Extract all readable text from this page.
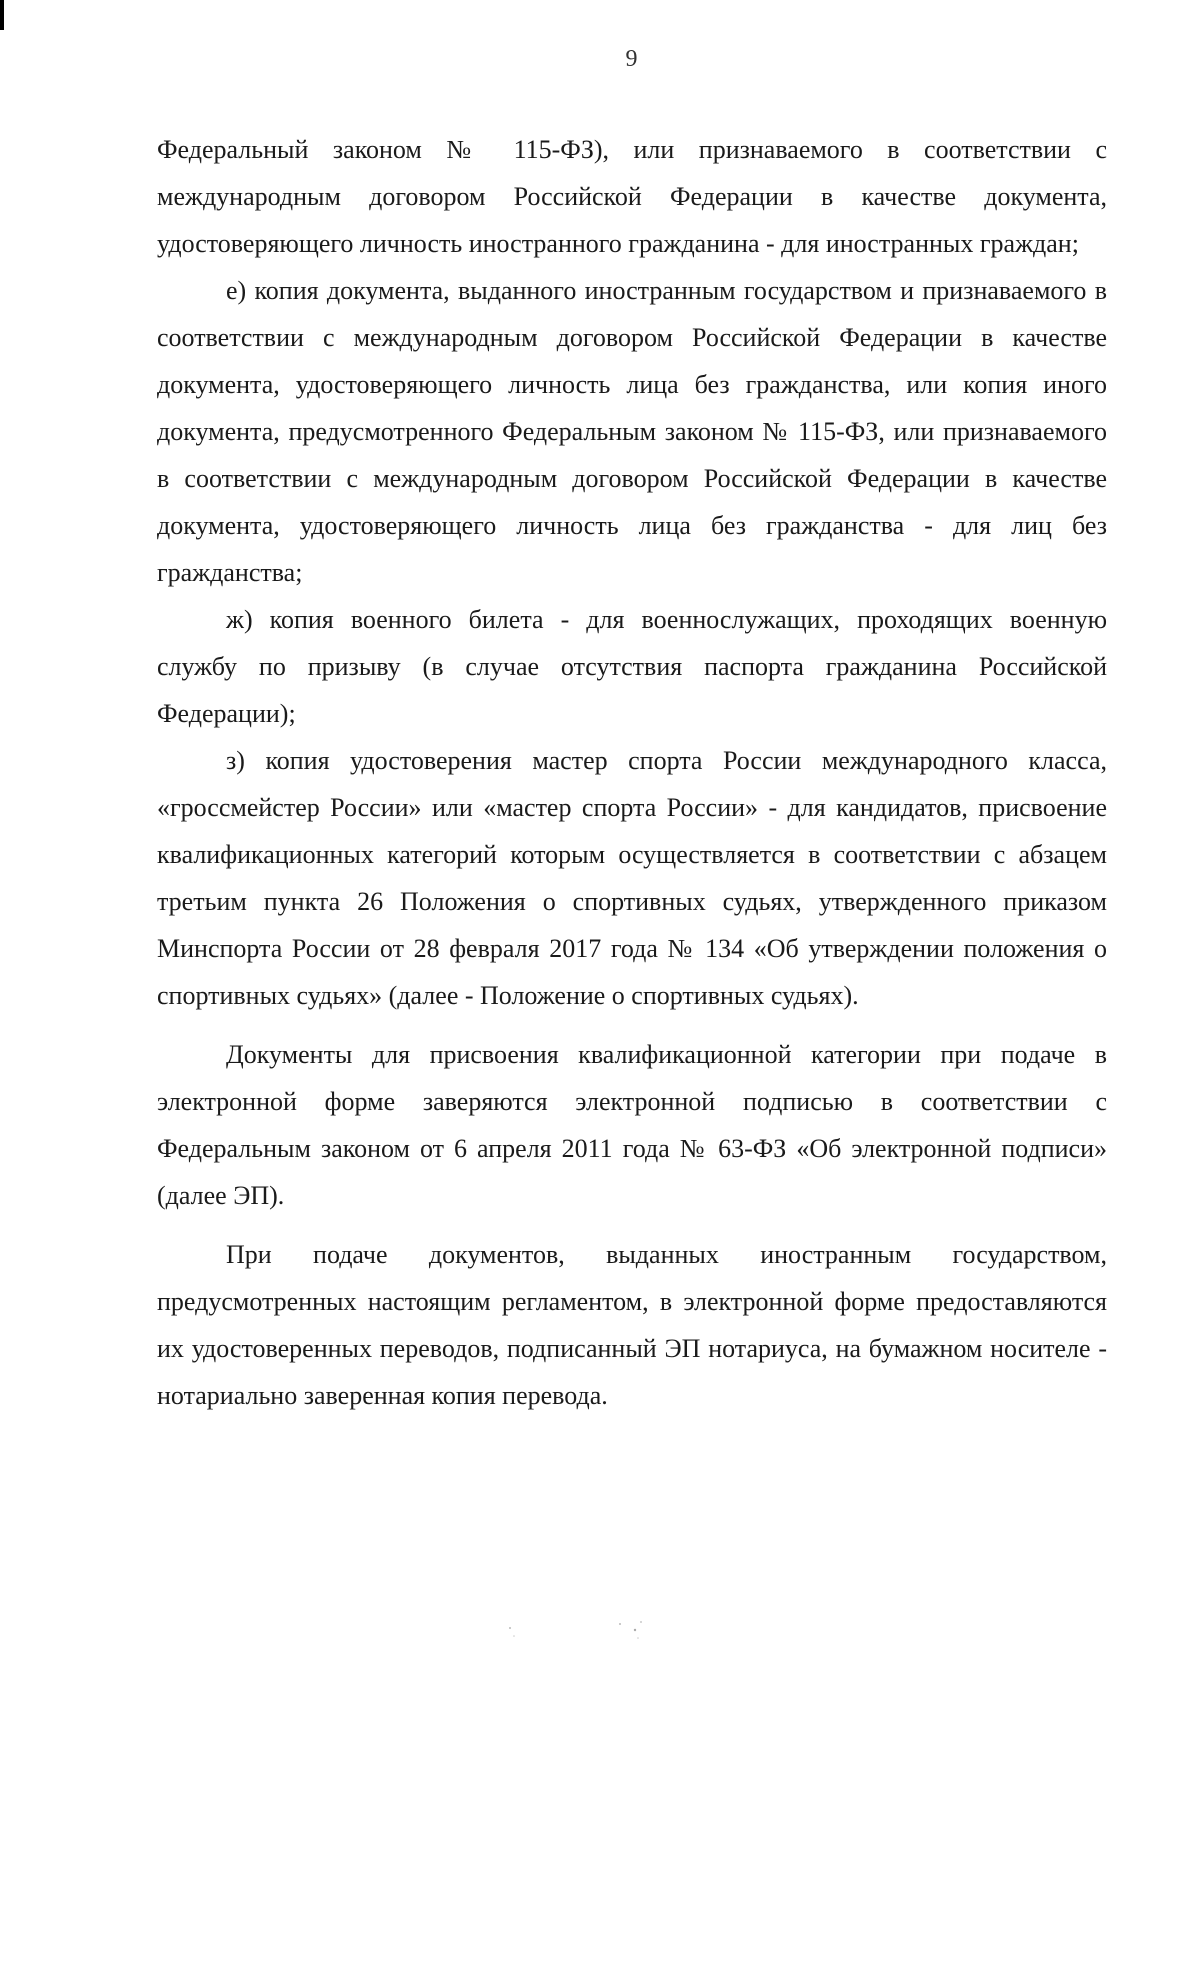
9

Федеральный законом № 115-ФЗ), или признаваемого в соответствии с международным договором Российской Федерации в качестве документа, удостоверяющего личность иностранного гражданина - для иностранных граждан;

е) копия документа, выданного иностранным государством и признаваемого в соответствии с международным договором Российской Федерации в качестве документа, удостоверяющего личность лица без гражданства, или копия иного документа, предусмотренного Федеральным законом № 115-ФЗ, или признаваемого в соответствии с международным договором Российской Федерации в качестве документа, удостоверяющего личность лица без гражданства - для лиц без гражданства;

ж) копия военного билета - для военнослужащих, проходящих военную службу по призыву (в случае отсутствия паспорта гражданина Российской Федерации);

з) копия удостоверения мастер спорта России международного класса, «гроссмейстер России» или «мастер спорта России» - для кандидатов, присвоение квалификационных категорий которым осуществляется в соответствии с абзацем третьим пункта 26 Положения о спортивных судьях, утвержденного приказом Минспорта России от 28 февраля 2017 года № 134 «Об утверждении положения о спортивных судьях» (далее - Положение о спортивных судьях).

Документы для присвоения квалификационной категории при подаче в электронной форме заверяются электронной подписью в соответствии с Федеральным законом от 6 апреля 2011 года № 63-ФЗ «Об электронной подписи» (далее ЭП).

При подаче документов, выданных иностранным государством, предусмотренных настоящим регламентом, в электронной форме предоставляются их удостоверенных переводов, подписанный ЭП нотариуса, на бумажном носителе - нотариально заверенная копия перевода.
